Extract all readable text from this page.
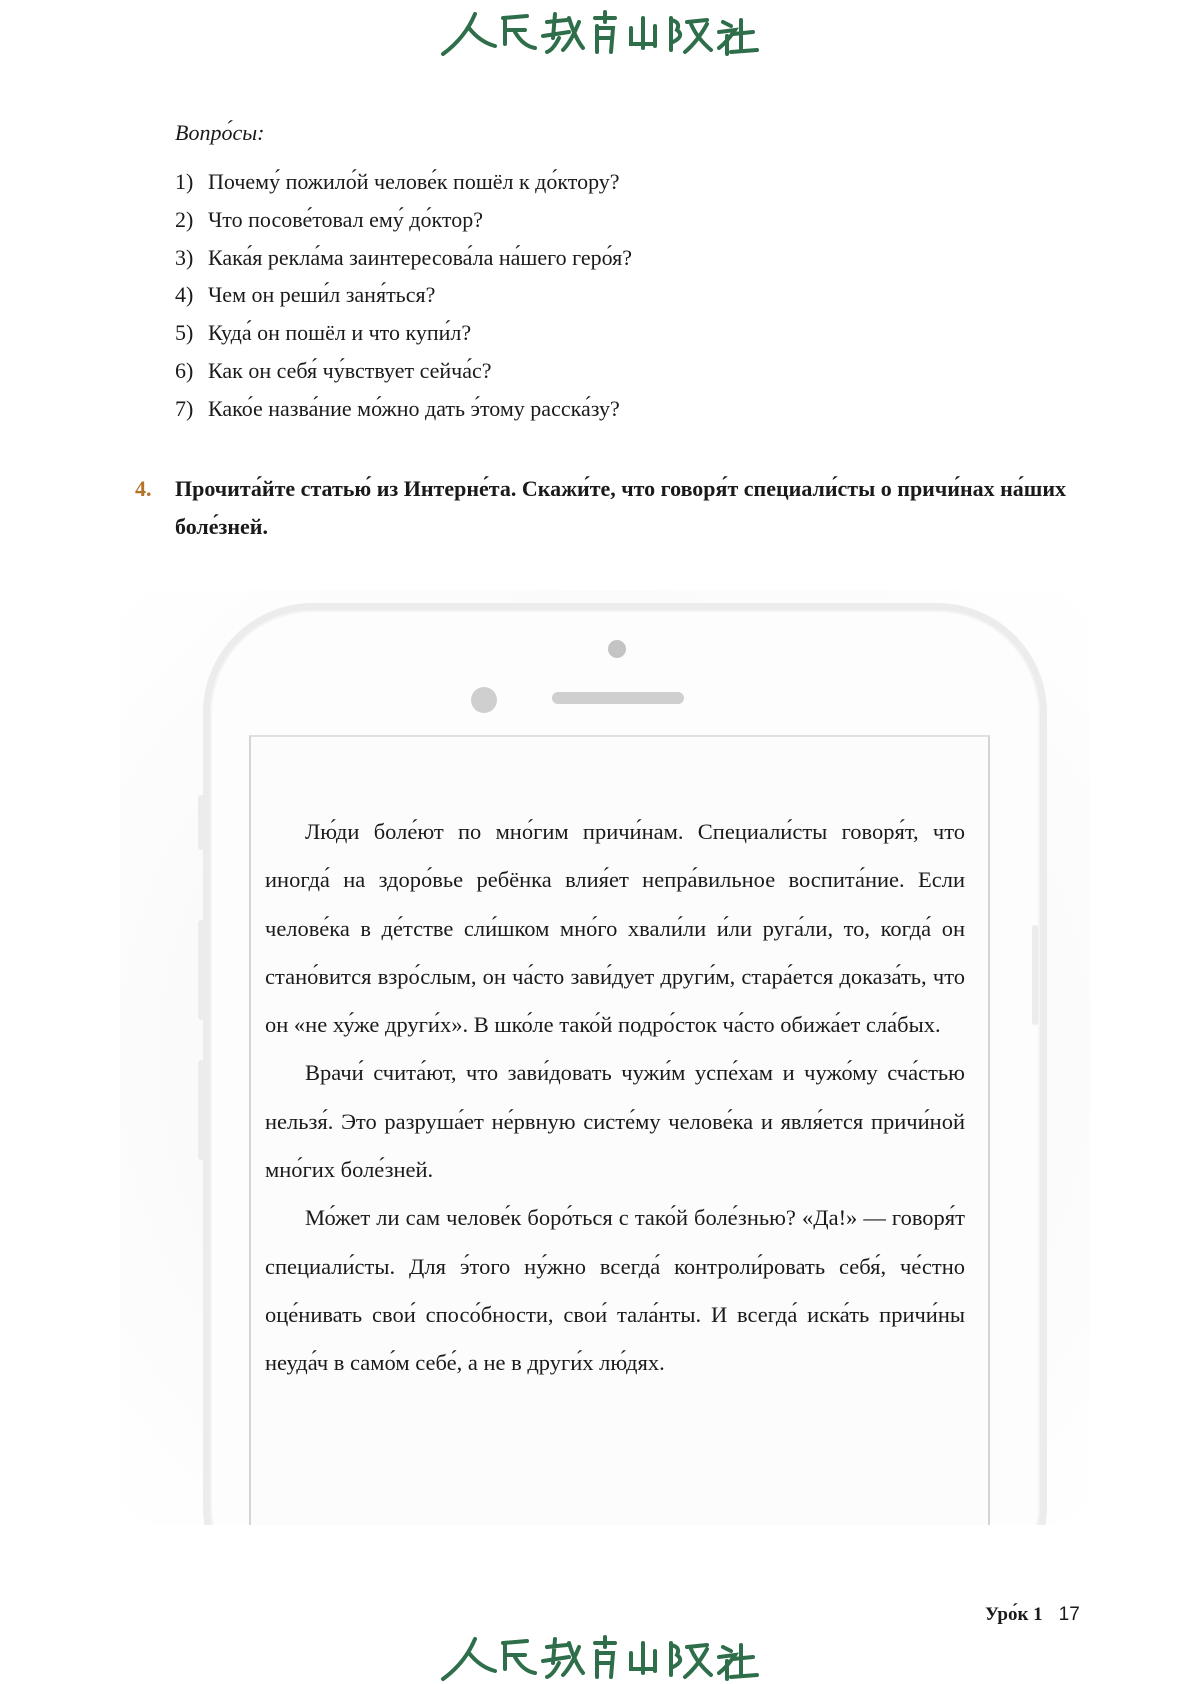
Вопро́сы:
1) Почему́ пожило́й челове́к пошёл к до́ктору?
2) Что посове́товал ему́ до́ктор?
3) Кака́я рекла́ма заинтересова́ла на́шего геро́я?
4) Чем он реши́л заня́ться?
5) Куда́ он пошёл и что купи́л?
6) Как он себя́ чу́вствует сейча́с?
7) Како́е назва́ние мо́жно дать э́тому расска́зу?
4. Прочита́йте статью́ из Интерне́та. Скажи́те, что говоря́т специали́сты о причи́нах на́ших боле́зней.

Лю́ди боле́ют по мно́гим причи́нам. Специали́сты говоря́т, что иногда́ на здоро́вье ребёнка влия́ет непра́вильное воспита́ние. Если челове́ка в де́тстве сли́шком мно́го хвали́ли и́ли руга́ли, то, когда́ он стано́вится взро́слым, он ча́сто зави́дует други́м, стара́ется доказа́ть, что он «не ху́же други́х». В шко́ле тако́й подро́сток ча́сто обижа́ет сла́бых.

Врачи́ счита́ют, что зави́довать чужи́м успе́хам и чужо́му сча́стью нельзя́. Это разруша́ет не́рвную систе́му челове́ка и явля́ется причи́ной мно́гих боле́зней.

Мо́жет ли сам челове́к боро́ться с тако́й боле́знью? «Да!» — говоря́т специали́сты. Для э́того ну́жно всегда́ контроли́ровать себя́, че́стно оце́нивать свои́ спосо́бности, свои́ тала́нты. И всегда́ иска́ть причи́ны неуда́ч в само́м себе́, а не в други́х лю́дях.

Уро́к 1 17
